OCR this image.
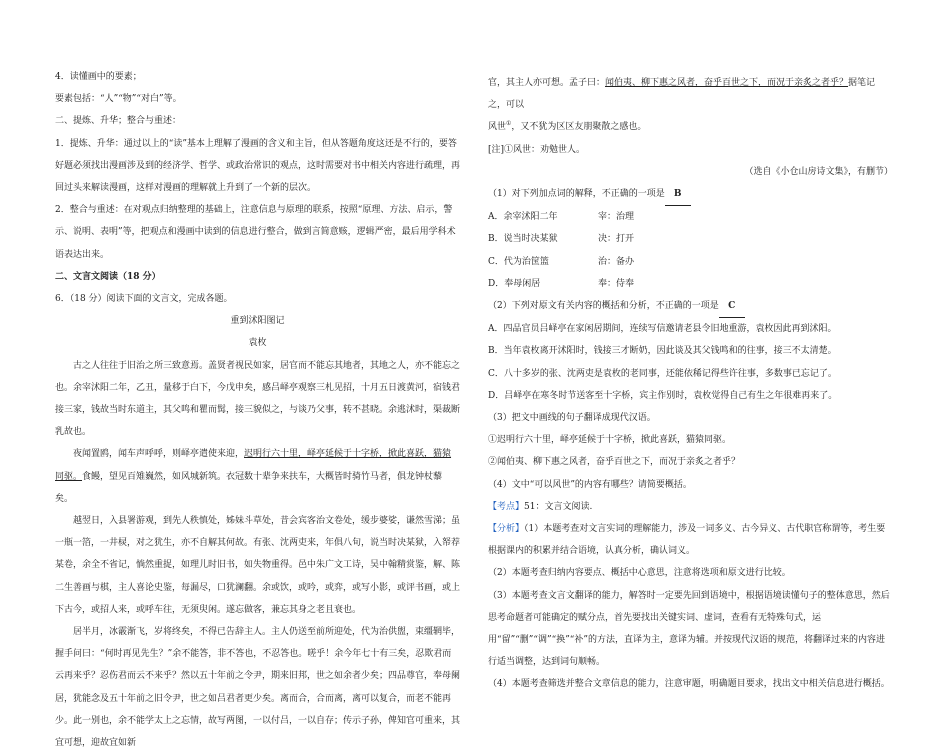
4．读懂画中的要素；

要素包括：“人”“物”“对白”等。

二、提炼、升华；整合与重述：

1．提炼、升华：通过以上的“读”基本上理解了漫画的含义和主旨，但从答题角度这还是不行的，要答好题必须找出漫画涉及到的经济学、哲学、或政治常识的观点，这时需要对书中相关内容进行疏理，再回过头来解读漫画，这样对漫画的理解就上升到了一个新的层次。

2．整合与重述：在对观点归纳整理的基础上，注意信息与原理的联系，按照“原理、方法、启示，警示、说明、表明”等，把观点和漫画中读到的信息进行整合，做到言简意赅，逻辑严密，最后用学科术语表达出来。

二、文言文阅读（18 分）

6．（18 分）阅读下面的文言文，完成各题。

重到沭阳图记

袁枚

古之人往往于旧治之所三致意焉。盖贤者视民如家，居官而不能忘其地者，其地之人，亦不能忘之也。余宰沭阳二年，乙丑，量移于白下，今戊申矣，感吕峄亭观察三札见招，十月五日渡黄河，宿钱君接三家，钱故当时东道主，其父鸣和瞿而髯，接三貌似之，与谈乃父事，转不甚晓。余逃沭时，渠裁断乳故也。

夜闻置鸥，闻车声呼呼，则峄亭遣使来迎，迟明行六十里，峄亭延候于十字桥，掀此喜跃，猫猿同驱。食鳗，望见百雉巍然，如风城新筑。衣冠数十辈争来扶车，大概皆时骑竹马者，俱龙钟杖藜矣。

越翌日，入县署游观，到先人秩慎处，姊妹斗草处，昔会宾客治文卷处，缓步婆娑，谦然雪涕；虽一瓶一箔，一井棂，对之犹生，亦不自解其何故。有张、沈两吏来，年俱八旬，说当时决某狱，入帑荐某卷，余全不省记，惝然重捉，如理儿时旧书，如失物重得。邑中朱广文工诗，吴中翰精赏鉴，解、陈二生善画与棋，主人喜论史鉴，每漏尽，口犹澜翻。余或饮，或吟，或弈，或写小影，或评书画，或上下古今，或招人来，或呼车往，无须臾闲。遂忘做客，兼忘其身之老且衰也。

居半月，冰霰渐飞，岁将终矣，不得已告辞主人。主人仍送至前所迎处，代为治供盥，束缰辋毕，握手问曰：“何时再见先生？”余不能答，非不答也，不忍答也。嗟乎！余今年七十有三矣，忍欺君而云再来乎？忍伤君而云不来乎？然以五十年前之令尹，期来旧邦，世之如余者少矣；四品尊官，奉母阑居，犹能念及五十年前之旧令尹，世之如吕君者更少矣。离而合，合而离，离可以复合，而老不能再少。此一别也，余不能学太上之忘情，故写两图，一以付吕，一以自存；传示子孙，俾知官可重来，其宜可想，迎故宜如新

官，其主人亦可想。孟子曰：闻伯夷、柳下惠之风者，奋乎百世之下，而况于亲炙之者乎？据笔记之，可以

风世①，又不犹为区区友朋聚散之感也。

[注]①风世：劝勉世人。

（选自《小仓山房诗文集》，有删节）

（1）对下列加点词的解释，不正确的一项是 B

A．余宰沭阳二年	宰：治理
B．说当时决某狱	决：打开
C．代为治筐篮	治：备办
D．奉母闲居	奉：侍奉

（2）下列对原文有关内容的概括和分析，不正确的一项是 C

A．四品官员吕峄亭在家闲居期间，连续写信邀请老县令旧地重游，袁枚因此再到沭阳。

B．当年袁枚离开沭阳时，钱接三才断奶，因此谈及其父钱鸣和的往事，接三不太清楚。

C．八十多岁的张、沈两吏是袁枚的老同事，还能依稀记得些许往事，多数事已忘记了。

D．吕峄亭在寒冬时节送客至十字桥，宾主作别时，袁枚觉得自己有生之年很难再来了。

（3）把文中画线的句子翻译成现代汉语。

①迟明行六十里，峄亭延候于十字桥，掀此喜跃，猫猿同驱。

②闻伯夷、柳下惠之风者，奋乎百世之下，而况于亲炙之者乎？

（4）文中“可以风世”的内容有哪些？请简要概括。

【考点】51：文言文阅读.

【分析】（1）本题考查对文言实词的理解能力，涉及一词多义、古今异义、古代职官称谓等，考生要根据课内的积累并结合语境，认真分析，确认词义。

（2）本题考查归纳内容要点、概括中心意思，注意将选项和原文进行比较。

（3）本题考查文言文翻译的能力，解答时一定要先回到语境中，根据语境读懂句子的整体意思，然后思考命题者可能确定的赋分点，首先要找出关键实词、虚词，查看有无特殊句式，运用“留”“删”“调”“换”“补”的方法，直译为主，意译为辅。并按现代汉语的规范，将翻译过来的内容进行适当调整，达到词句顺畅。

（4）本题考查筛选并整合文章信息的能力，注意审题，明确题目要求，找出文中相关信息进行概括。
